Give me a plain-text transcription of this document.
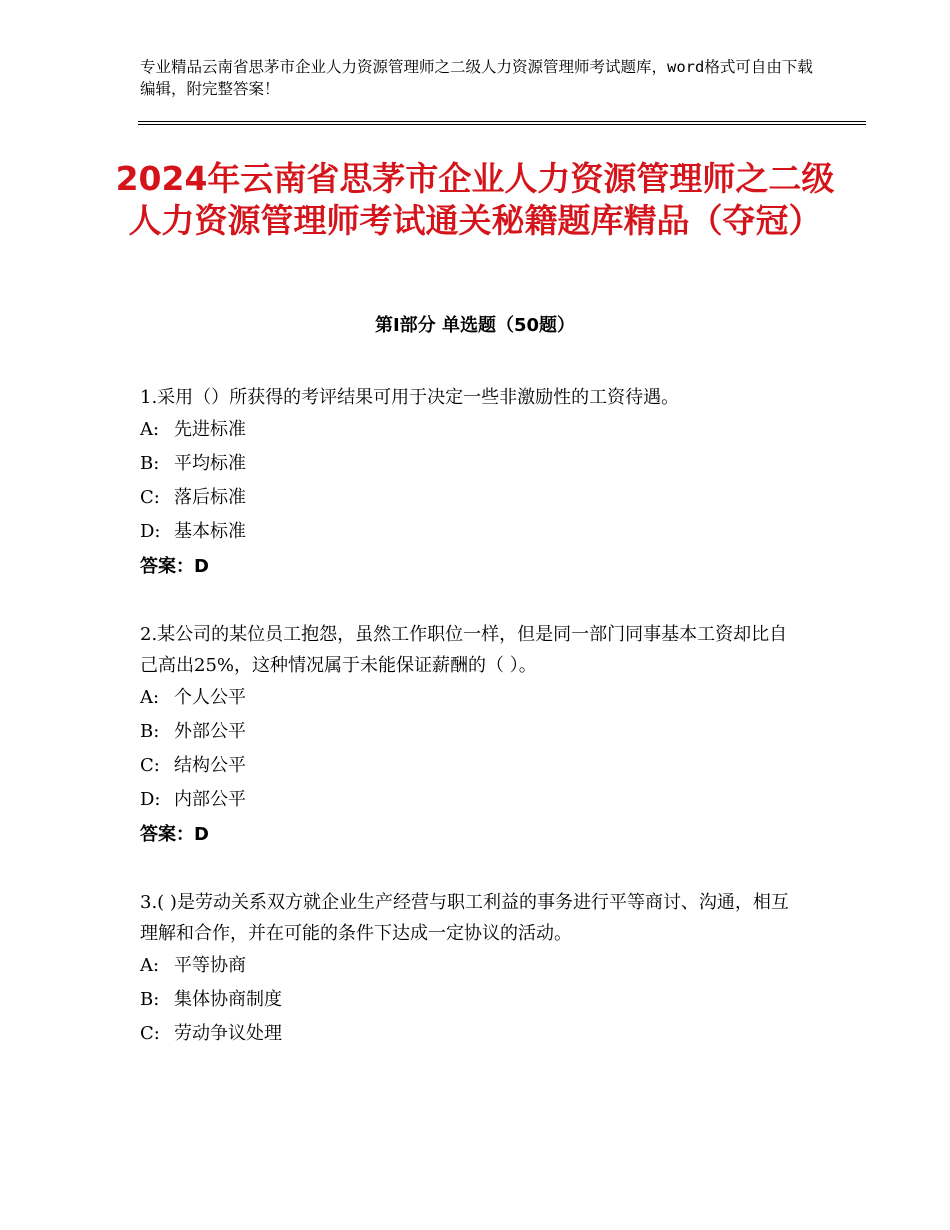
专业精品云南省思茅市企业人力资源管理师之二级人力资源管理师考试题库，word格式可自由下载编辑，附完整答案！
2024年云南省思茅市企业人力资源管理师之二级人力资源管理师考试通关秘籍题库精品（夺冠）
第Ⅰ部分 单选题（50题）

1.采用（）所获得的考评结果可用于决定一些非激励性的工资待遇。

A: 先进标准

B: 平均标准

C: 落后标准

D: 基本标准

答案：D

2.某公司的某位员工抱怨，虽然工作职位一样，但是同一部门同事基本工资却比自己高出25%，这种情况属于未能保证薪酬的（ ）。

A: 个人公平

B: 外部公平

C: 结构公平

D: 内部公平

答案：D

3.( )是劳动关系双方就企业生产经营与职工利益的事务进行平等商讨、沟通，相互理解和合作，并在可能的条件下达成一定协议的活动。

A: 平等协商

B: 集体协商制度

C: 劳动争议处理
